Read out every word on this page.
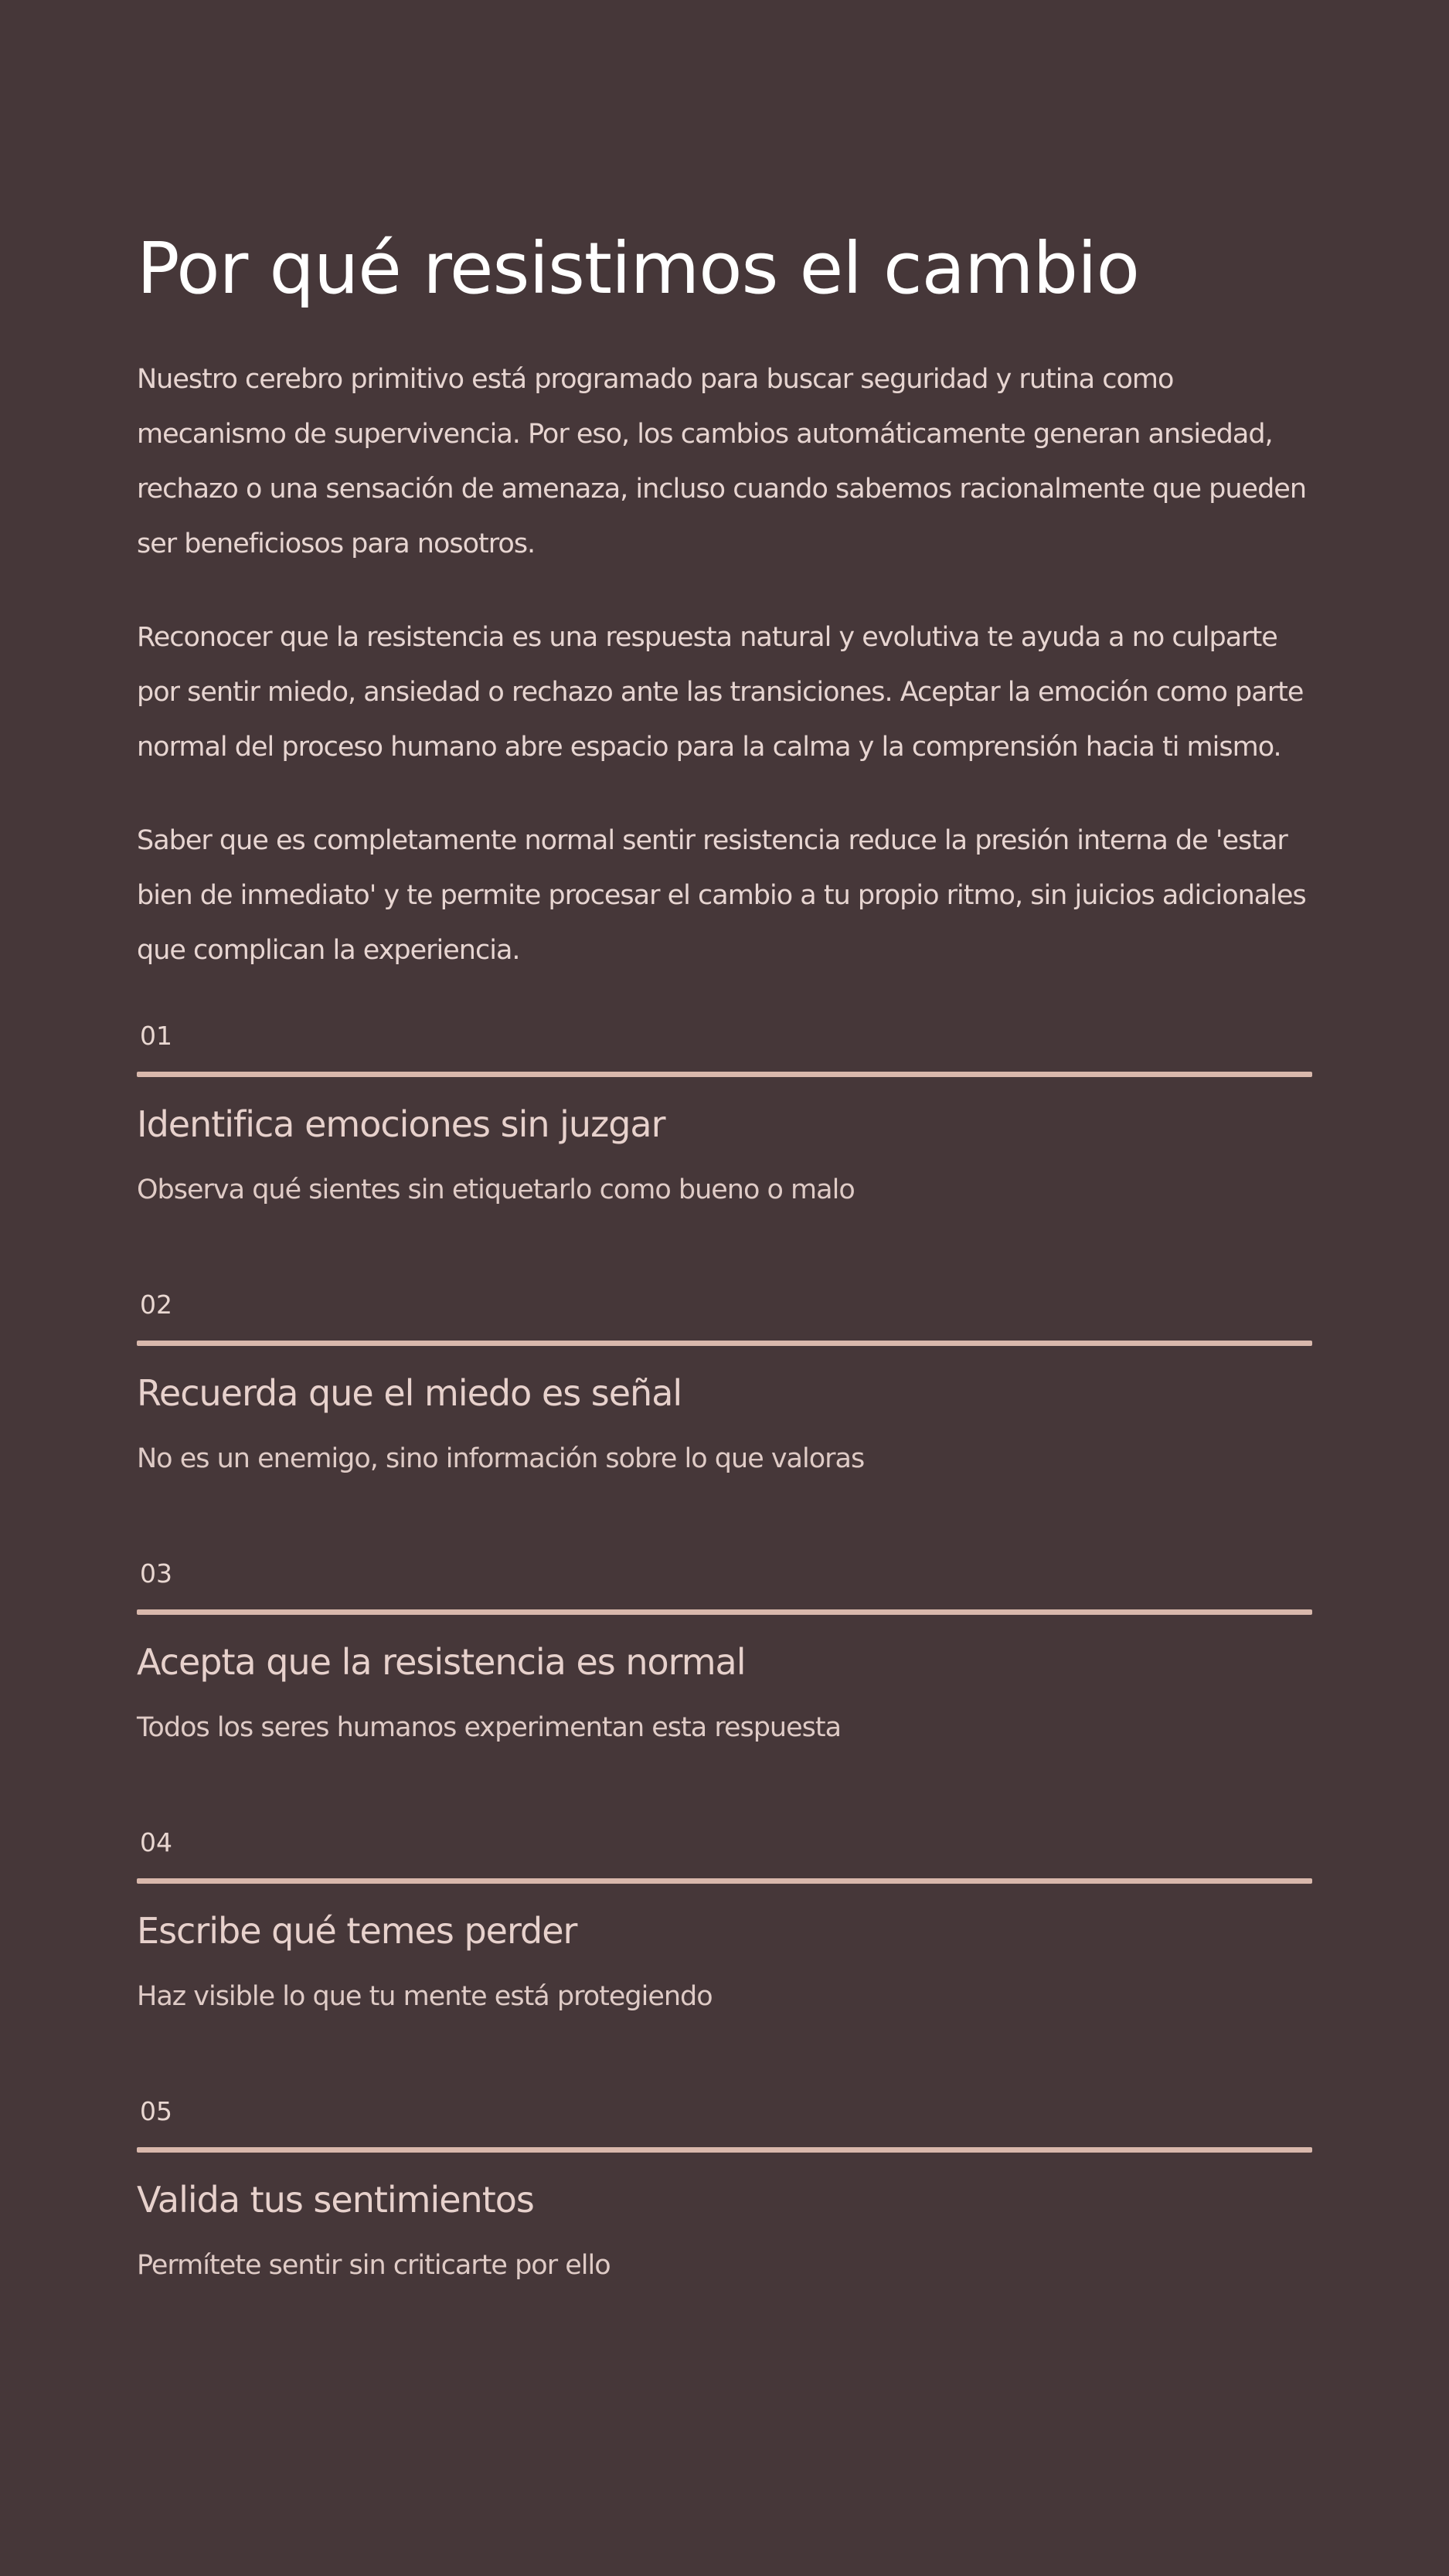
Por qué resistimos el cambio

Nuestro cerebro primitivo está programado para buscar seguridad y rutina como mecanismo de supervivencia. Por eso, los cambios automáticamente generan ansiedad, rechazo o una sensación de amenaza, incluso cuando sabemos racionalmente que pueden ser beneficiosos para nosotros.

Reconocer que la resistencia es una respuesta natural y evolutiva te ayuda a no culparte por sentir miedo, ansiedad o rechazo ante las transiciones. Aceptar la emoción como parte normal del proceso humano abre espacio para la calma y la comprensión hacia ti mismo.

Saber que es completamente normal sentir resistencia reduce la presión interna de 'estar bien de inmediato' y te permite procesar el cambio a tu propio ritmo, sin juicios adicionales que complican la experiencia.

01
Identifica emociones sin juzgar
Observa qué sientes sin etiquetarlo como bueno o malo
02
Recuerda que el miedo es señal
No es un enemigo, sino información sobre lo que valoras
03
Acepta que la resistencia es normal
Todos los seres humanos experimentan esta respuesta
04
Escribe qué temes perder
Haz visible lo que tu mente está protegiendo
05
Valida tus sentimientos
Permítete sentir sin criticarte por ello
